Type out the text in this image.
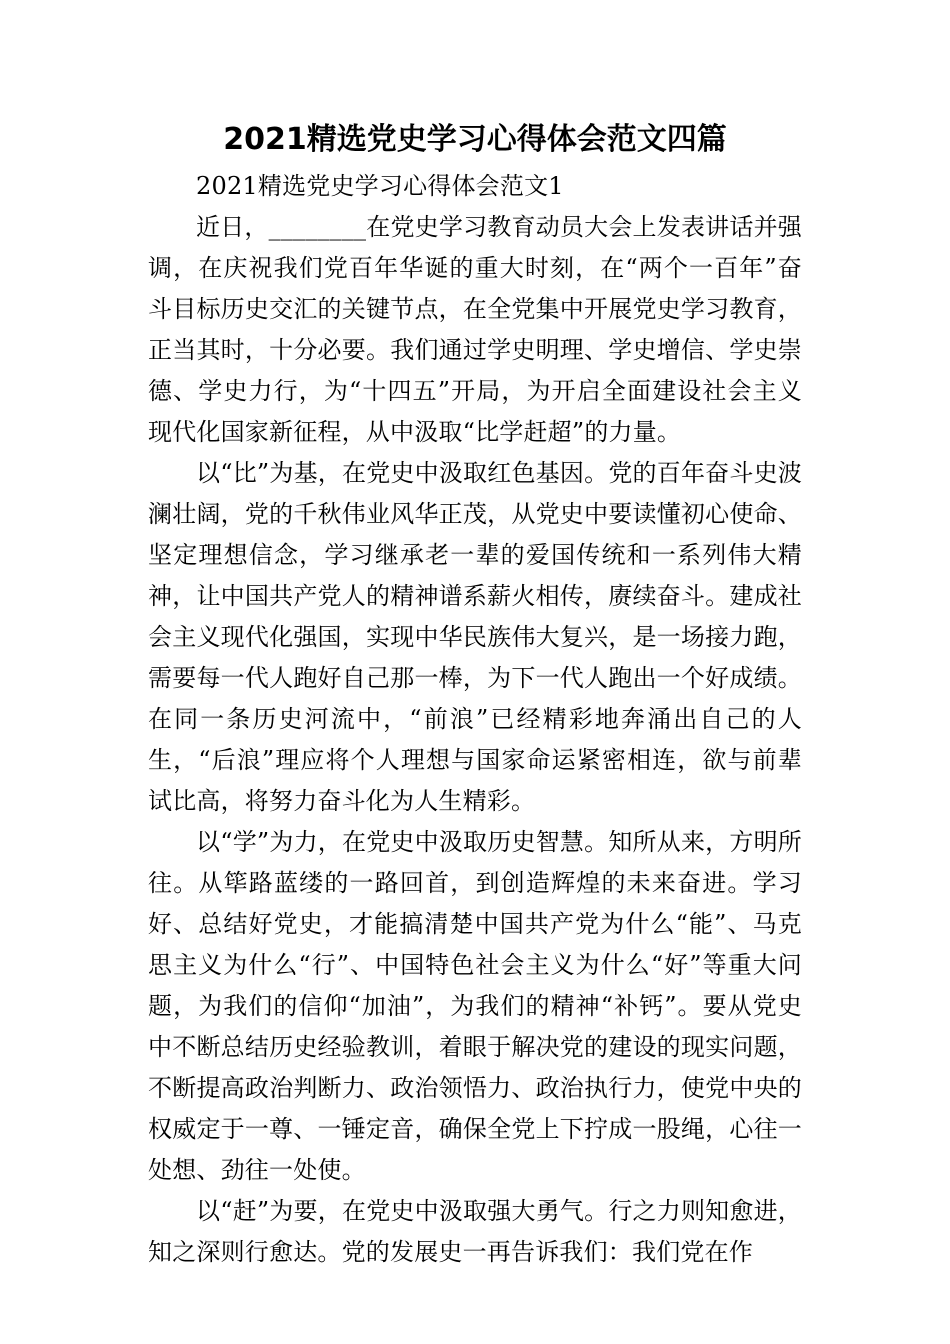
2021精选党史学习心得体会范文四篇

2021精选党史学习心得体会范文1

近日，________在党史学习教育动员大会上发表讲话并强调，在庆祝我们党百年华诞的重大时刻，在“两个一百年”奋斗目标历史交汇的关键节点，在全党集中开展党史学习教育，正当其时，十分必要。我们通过学史明理、学史增信、学史崇德、学史力行，为“十四五”开局，为开启全面建设社会主义现代化国家新征程，从中汲取“比学赶超”的力量。

以“比”为基，在党史中汲取红色基因。党的百年奋斗史波澜壮阔，党的千秋伟业风华正茂，从党史中要读懂初心使命、坚定理想信念，学习继承老一辈的爱国传统和一系列伟大精神，让中国共产党人的精神谱系薪火相传，赓续奋斗。建成社会主义现代化强国，实现中华民族伟大复兴，是一场接力跑，需要每一代人跑好自己那一棒，为下一代人跑出一个好成绩。在同一条历史河流中，“前浪”已经精彩地奔涌出自己的人生，“后浪”理应将个人理想与国家命运紧密相连，欲与前辈试比高，将努力奋斗化为人生精彩。

以“学”为力，在党史中汲取历史智慧。知所从来，方明所往。从筚路蓝缕的一路回首，到创造辉煌的未来奋进。学习好、总结好党史，才能搞清楚中国共产党为什么“能”、马克思主义为什么“行”、中国特色社会主义为什么“好”等重大问题，为我们的信仰“加油”，为我们的精神“补钙”。要从党史中不断总结历史经验教训，着眼于解决党的建设的现实问题，不断提高政治判断力、政治领悟力、政治执行力，使党中央的权威定于一尊、一锤定音，确保全党上下拧成一股绳，心往一处想、劲往一处使。

以“赶”为要，在党史中汲取强大勇气。行之力则知愈进，知之深则行愈达。党的发展史一再告诉我们：我们党在作
